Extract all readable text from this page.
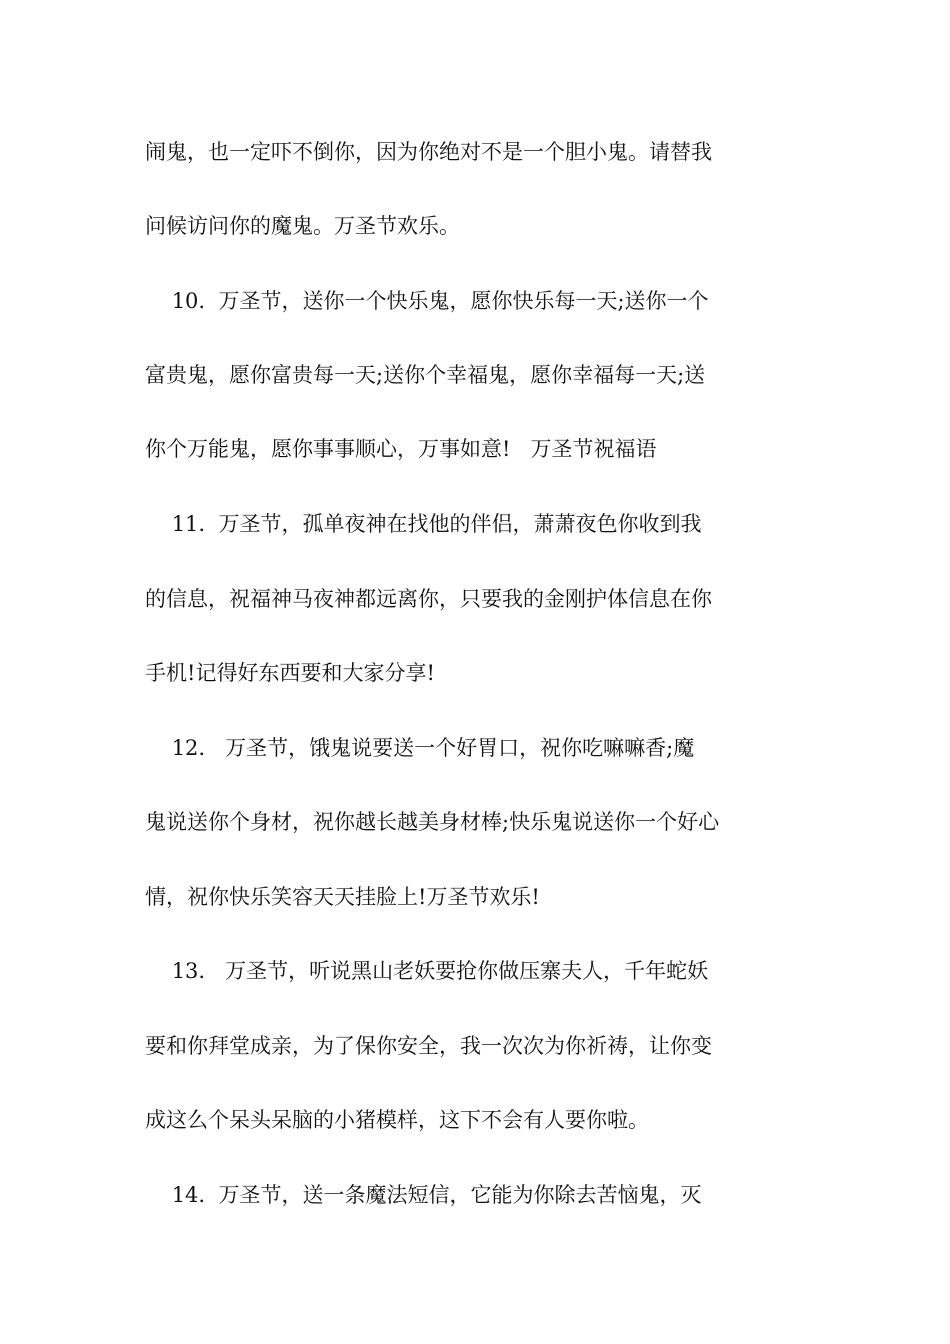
闹鬼，也一定吓不倒你，因为你绝对不是一个胆小鬼。请替我
问候访问你的魔鬼。万圣节欢乐。
10.  万圣节，送你一个快乐鬼，愿你快乐每一天;送你一个
富贵鬼，愿你富贵每一天;送你个幸福鬼，愿你幸福每一天;送
你个万能鬼，愿你事事顺心，万事如意!   万圣节祝福语
11.  万圣节，孤单夜神在找他的伴侣，萧萧夜色你收到我
的信息，祝福神马夜神都远离你，只要我的金刚护体信息在你
手机!记得好东西要和大家分享!
12.   万圣节，饿鬼说要送一个好胃口，祝你吃嘛嘛香;魔
鬼说送你个身材，祝你越长越美身材棒;快乐鬼说送你一个好心
情，祝你快乐笑容天天挂脸上!万圣节欢乐!
13.   万圣节，听说黑山老妖要抢你做压寨夫人，千年蛇妖
要和你拜堂成亲，为了保你安全，我一次次为你祈祷，让你变
成这么个呆头呆脑的小猪模样，这下不会有人要你啦。
14.  万圣节，送一条魔法短信，它能为你除去苦恼鬼，灭
